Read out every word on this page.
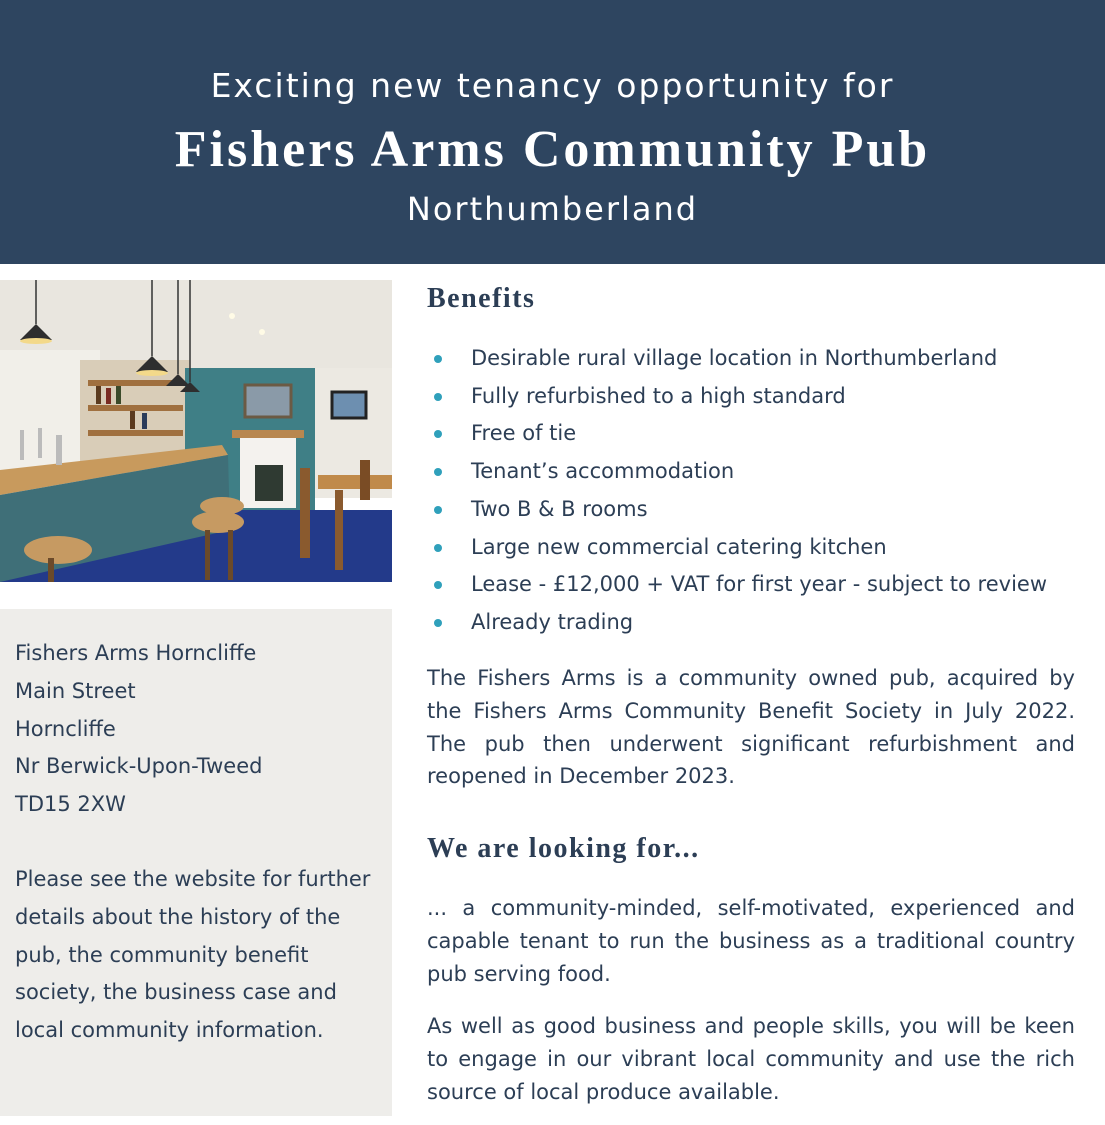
Exciting new tenancy opportunity for
Fishers Arms Community Pub
Northumberland
Fishers Arms Horncliffe
Main Street
Horncliffe
Nr Berwick-Upon-Tweed
TD15 2XW

Please see the website for further details about the history of the pub, the community benefit society, the business case and local community information.

Benefits
Desirable rural village location in Northumberland
Fully refurbished to a high standard
Free of tie
Tenant’s accommodation
Two B & B rooms
Large new commercial catering kitchen
Lease - £12,000 + VAT for first year - subject to review
Already trading

The Fishers Arms is a community owned pub, acquired by the Fishers Arms Community Benefit Society in July 2022. The pub then underwent significant refurbishment and reopened in December 2023.

We are looking for...

... a community-minded, self-motivated, experienced and capable tenant to run the business as a traditional country pub serving food.

As well as good business and people skills, you will be keen to engage in our vibrant local community and use the rich source of local produce available.
